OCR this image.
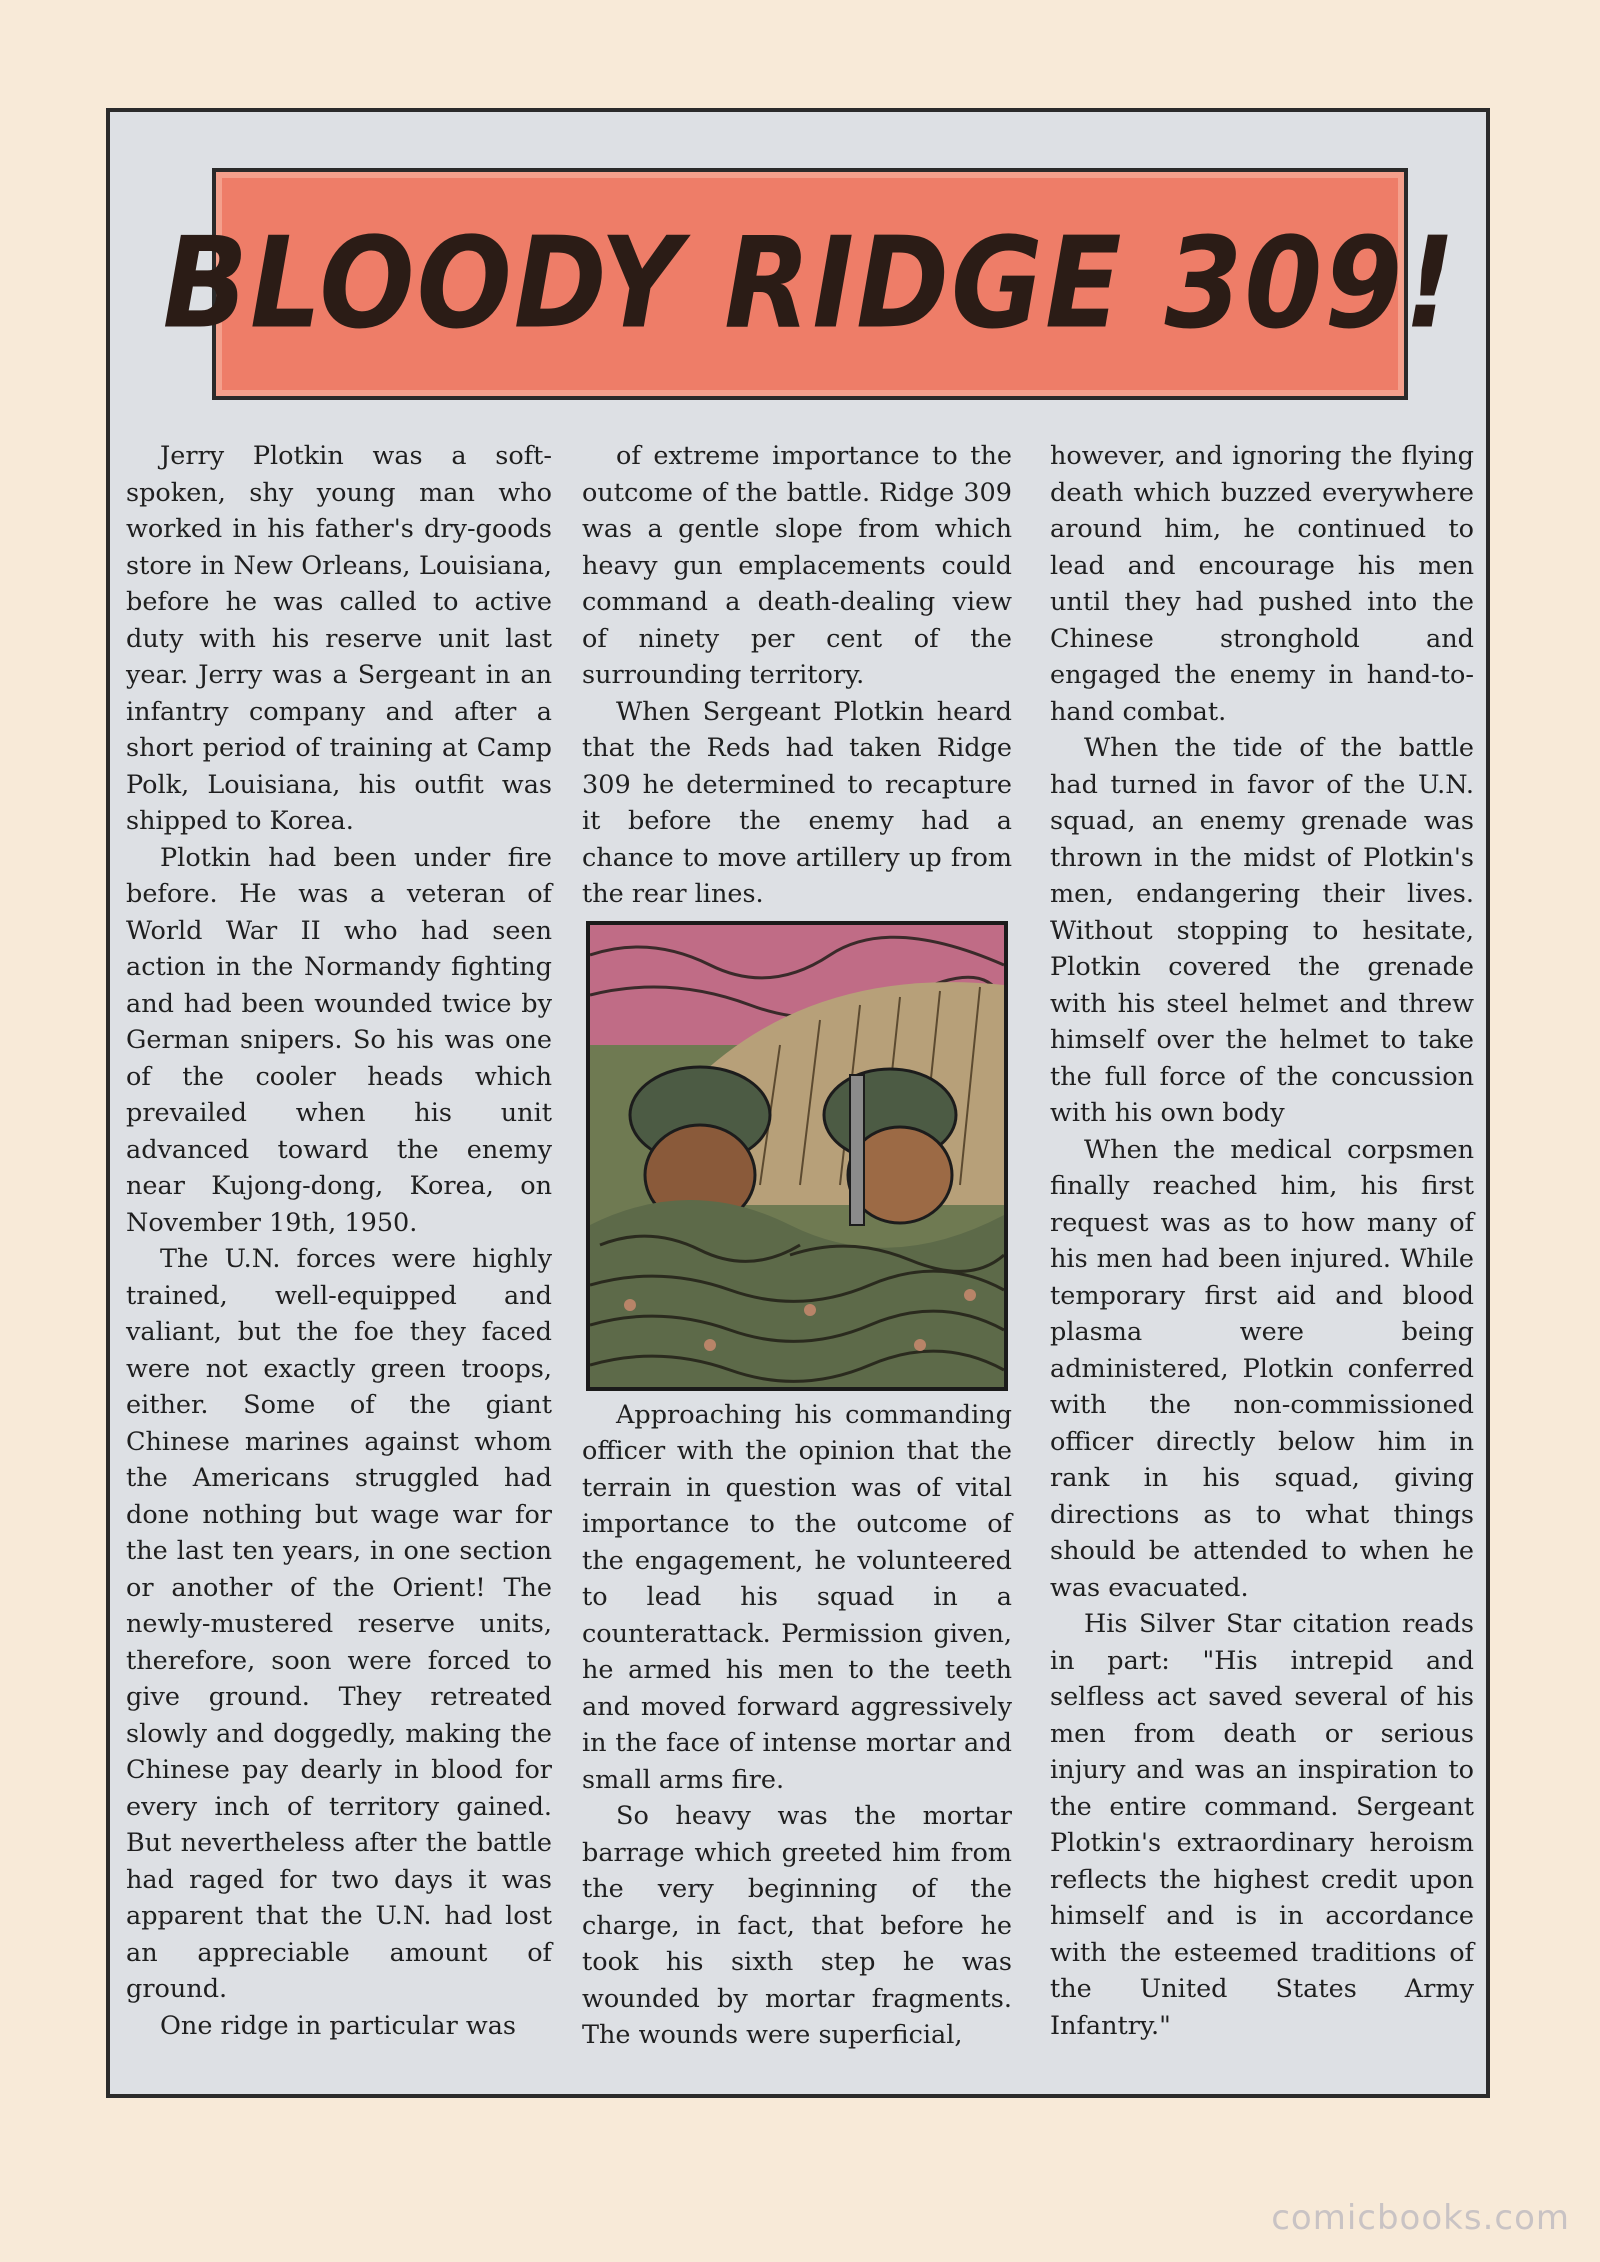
BLOODY RIDGE 309!

Jerry Plotkin was a soft-spoken, shy young man who worked in his father's dry-goods store in New Orleans, Louisiana, before he was called to active duty with his reserve unit last year. Jerry was a Sergeant in an infantry company and after a short period of training at Camp Polk, Louisiana, his outfit was shipped to Korea.

Plotkin had been under fire before. He was a veteran of World War II who had seen action in the Normandy fighting and had been wounded twice by German snipers. So his was one of the cooler heads which prevailed when his unit advanced toward the enemy near Kujong-dong, Korea, on November 19th, 1950.

The U.N. forces were highly trained, well-equipped and valiant, but the foe they faced were not exactly green troops, either. Some of the giant Chinese marines against whom the Americans struggled had done nothing but wage war for the last ten years, in one section or another of the Orient! The newly-mustered reserve units, therefore, soon were forced to give ground. They retreated slowly and doggedly, making the Chinese pay dearly in blood for every inch of territory gained. But nevertheless after the battle had raged for two days it was apparent that the U.N. had lost an appreciable amount of ground.

One ridge in particular was

of extreme importance to the outcome of the battle. Ridge 309 was a gentle slope from which heavy gun emplacements could command a death-dealing view of ninety per cent of the surrounding territory.

When Sergeant Plotkin heard that the Reds had taken Ridge 309 he determined to recapture it before the enemy had a chance to move artillery up from the rear lines.

Approaching his commanding officer with the opinion that the terrain in question was of vital importance to the outcome of the engagement, he volunteered to lead his squad in a counterattack. Permission given, he armed his men to the teeth and moved forward aggressively in the face of intense mortar and small arms fire.

So heavy was the mortar barrage which greeted him from the very beginning of the charge, in fact, that before he took his sixth step he was wounded by mortar fragments. The wounds were superficial,

however, and ignoring the flying death which buzzed everywhere around him, he continued to lead and encourage his men until they had pushed into the Chinese stronghold and engaged the enemy in hand-to-hand combat.

When the tide of the battle had turned in favor of the U.N. squad, an enemy grenade was thrown in the midst of Plotkin's men, endangering their lives. Without stopping to hesitate, Plotkin covered the grenade with his steel helmet and threw himself over the helmet to take the full force of the concussion with his own body

When the medical corpsmen finally reached him, his first request was as to how many of his men had been injured. While temporary first aid and blood plasma were being administered, Plotkin conferred with the non-commissioned officer directly below him in rank in his squad, giving directions as to what things should be attended to when he was evacuated.

His Silver Star citation reads in part: "His intrepid and selfless act saved several of his men from death or serious injury and was an inspiration to the entire command. Sergeant Plotkin's extraordinary heroism reflects the highest credit upon himself and is in accordance with the esteemed traditions of the United States Army Infantry."

comicbooks.com
